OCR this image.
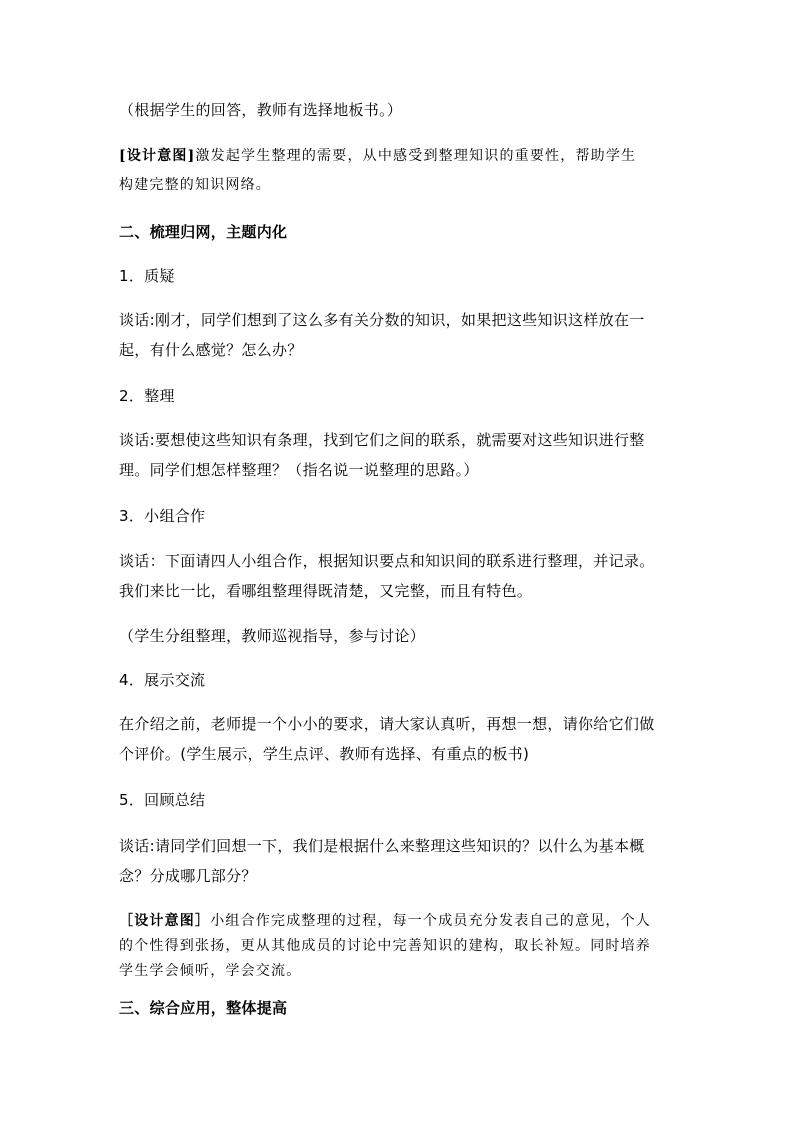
（根据学生的回答，教师有选择地板书。）
[设计意图]激发起学生整理的需要，从中感受到整理知识的重要性，帮助学生
构建完整的知识网络。
二、梳理归网，主题内化
1．质疑
谈话:刚才，同学们想到了这么多有关分数的知识，如果把这些知识这样放在一
起，有什么感觉？怎么办？
2．整理
谈话:要想使这些知识有条理，找到它们之间的联系，就需要对这些知识进行整
理。同学们想怎样整理？（指名说一说整理的思路。）
3．小组合作
谈话：下面请四人小组合作，根据知识要点和知识间的联系进行整理，并记录。
我们来比一比，看哪组整理得既清楚，又完整，而且有特色。
（学生分组整理，教师巡视指导，参与讨论）
4．展示交流
在介绍之前，老师提一个小小的要求，请大家认真听，再想一想，请你给它们做
个评价。(学生展示，学生点评、教师有选择、有重点的板书)
5．回顾总结
谈话:请同学们回想一下，我们是根据什么来整理这些知识的？以什么为基本概
念？分成哪几部分？
［设计意图］小组合作完成整理的过程，每一个成员充分发表自己的意见，个人
的个性得到张扬，更从其他成员的讨论中完善知识的建构，取长补短。同时培养
学生学会倾听，学会交流。
三、综合应用，整体提高
